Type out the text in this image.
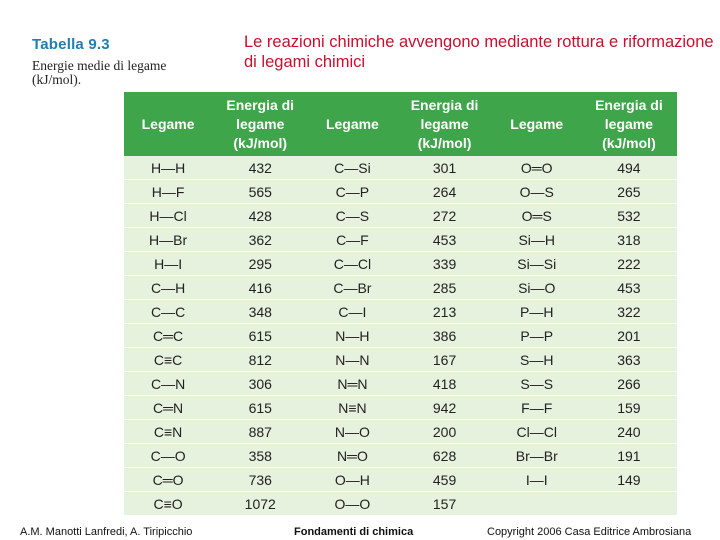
Tabella 9.3
Energie medie di legame (kJ/mol).
Le reazioni chimiche avvengono mediante rottura e riformazione di legami chimici
Legame	Energia di legame (kJ/mol)	Legame	Energia di legame (kJ/mol)	Legame	Energia di legame (kJ/mol)
H—H	432	C—Si	301	O═O	494
H—F	565	C—P	264	O—S	265
H—Cl	428	C—S	272	O═S	532
H—Br	362	C—F	453	Si—H	318
H—I	295	C—Cl	339	Si—Si	222
C—H	416	C—Br	285	Si—O	453
C—C	348	C—I	213	P—H	322
C═C	615	N—H	386	P—P	201
C≡C	812	N—N	167	S—H	363
C—N	306	N═N	418	S—S	266
C═N	615	N≡N	942	F—F	159
C≡N	887	N—O	200	Cl—Cl	240
C—O	358	N═O	628	Br—Br	191
C═O	736	O—H	459	I—I	149
C≡O	1072	O—O	157		
A.M. Manotti Lanfredi, A. Tiripicchio	Fondamenti di chimica	Copyright 2006 Casa Editrice Ambrosiana
